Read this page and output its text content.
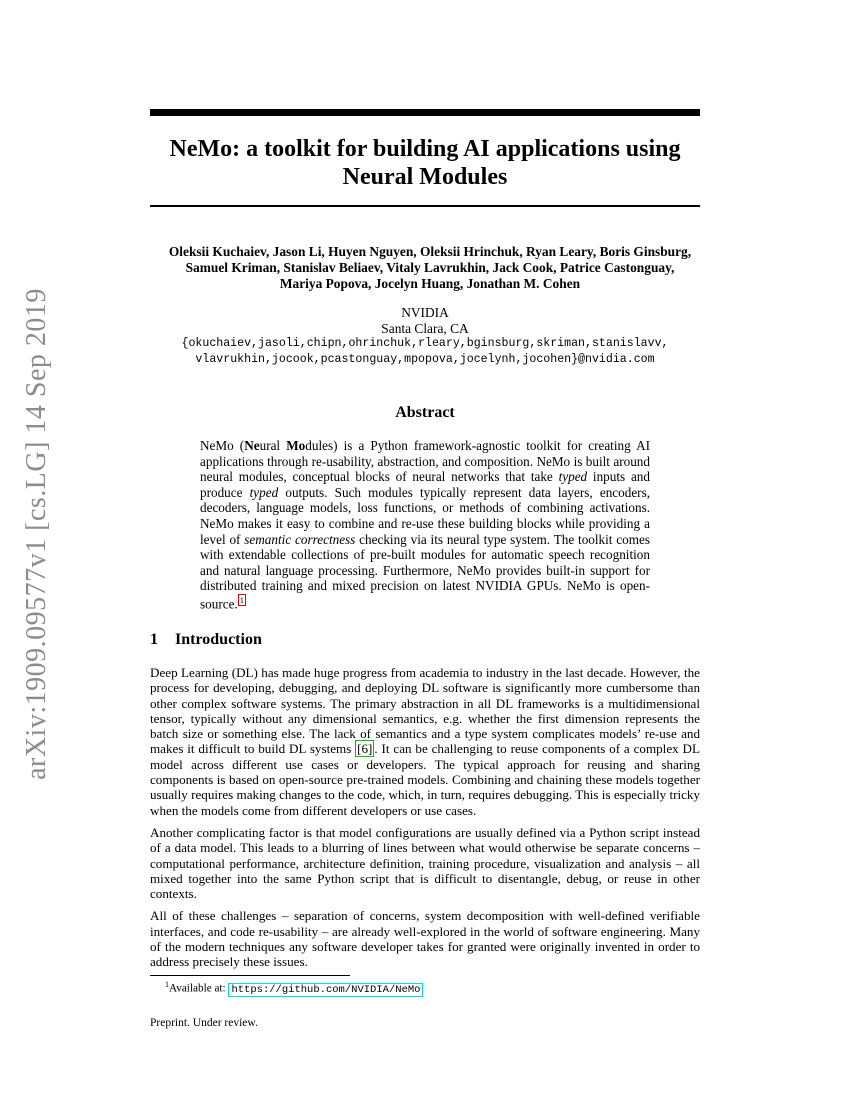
arXiv:1909.09577v1 [cs.LG] 14 Sep 2019
NeMo: a toolkit for building AI applications using
Neural Modules
Oleksii Kuchaiev, Jason Li, Huyen Nguyen, Oleksii Hrinchuk, Ryan Leary, Boris Ginsburg,
Samuel Kriman, Stanislav Beliaev, Vitaly Lavrukhin, Jack Cook, Patrice Castonguay,
Mariya Popova, Jocelyn Huang, Jonathan M. Cohen
NVIDIA
Santa Clara, CA
{okuchaiev,jasoli,chipn,ohrinchuk,rleary,bginsburg,skriman,stanislavv,
vlavrukhin,jocook,pcastonguay,mpopova,jocelynh,jocohen}@nvidia.com
Abstract
NeMo (Neural Modules) is a Python framework-agnostic toolkit for creating AI applications through re-usability, abstraction, and composition. NeMo is built around neural modules, conceptual blocks of neural networks that take typed inputs and produce typed outputs. Such modules typically represent data layers, encoders, decoders, language models, loss functions, or methods of combining activations. NeMo makes it easy to combine and re-use these building blocks while providing a level of semantic correctness checking via its neural type system. The toolkit comes with extendable collections of pre-built modules for automatic speech recognition and natural language processing. Furthermore, NeMo provides built-in support for distributed training and mixed precision on latest NVIDIA GPUs. NeMo is open-source. 1
1 Introduction

Deep Learning (DL) has made huge progress from academia to industry in the last decade. However, the process for developing, debugging, and deploying DL software is significantly more cumbersome than other complex software systems. The primary abstraction in all DL frameworks is a multidimensional tensor, typically without any dimensional semantics, e.g. whether the first dimension represents the batch size or something else. The lack of semantics and a type system complicates models’ re-use and makes it difficult to build DL systems [6] . It can be challenging to reuse components of a complex DL model across different use cases or developers. The typical approach for reusing and sharing components is based on open-source pre-trained models. Combining and chaining these models together usually requires making changes to the code, which, in turn, requires debugging. This is especially tricky when the models come from different developers or use cases.

Another complicating factor is that model configurations are usually defined via a Python script instead of a data model. This leads to a blurring of lines between what would otherwise be separate concerns – computational performance, architecture definition, training procedure, visualization and analysis – all mixed together into the same Python script that is difficult to disentangle, debug, or reuse in other contexts.

All of these challenges – separation of concerns, system decomposition with well-defined verifiable interfaces, and code re-usability – are already well-explored in the world of software engineering. Many of the modern techniques any software developer takes for granted were originally invented in order to address precisely these issues.

$^1$Available at: https://github.com/NVIDIA/NeMo
Preprint. Under review.
